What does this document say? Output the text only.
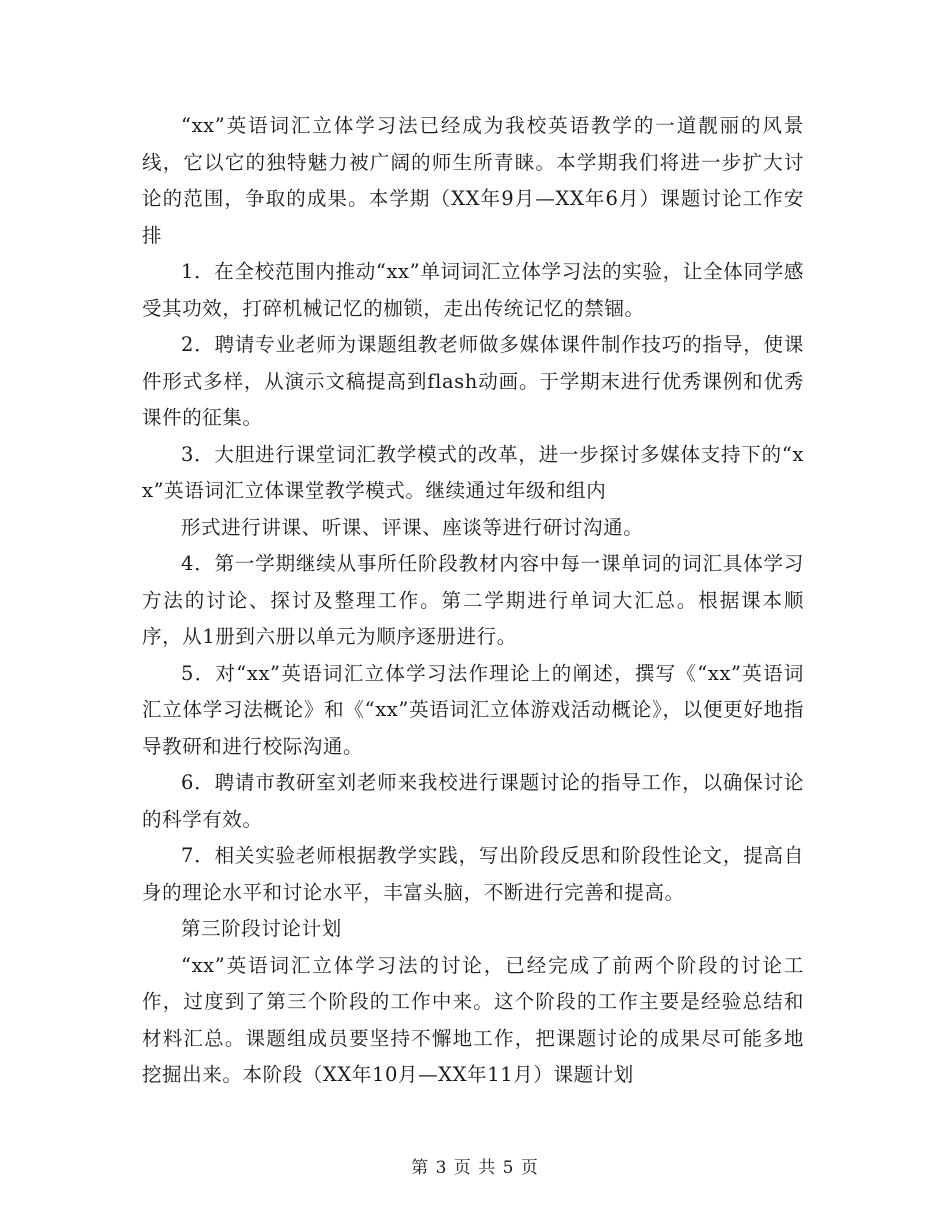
“xx”英语词汇立体学习法已经成为我校英语教学的一道靓丽的风景线，它以它的独特魅力被广阔的师生所青睐。本学期我们将进一步扩大讨论的范围，争取的成果。本学期（XX年9月—XX年6月）课题讨论工作安排

1．在全校范围内推动“xx”单词词汇立体学习法的实验，让全体同学感受其功效，打碎机械记忆的枷锁，走出传统记忆的禁锢。

2．聘请专业老师为课题组教老师做多媒体课件制作技巧的指导，使课件形式多样，从演示文稿提高到flash动画。于学期末进行优秀课例和优秀课件的征集。

3．大胆进行课堂词汇教学模式的改革，进一步探讨多媒体支持下的“xx”英语词汇立体课堂教学模式。继续通过年级和组内

形式进行讲课、听课、评课、座谈等进行研讨沟通。

4．第一学期继续从事所任阶段教材内容中每一课单词的词汇具体学习方法的讨论、探讨及整理工作。第二学期进行单词大汇总。根据课本顺序，从1册到六册以单元为顺序逐册进行。

5．对“xx”英语词汇立体学习法作理论上的阐述，撰写《“xx”英语词汇立体学习法概论》和《“xx”英语词汇立体游戏活动概论》，以便更好地指导教研和进行校际沟通。

6．聘请市教研室刘老师来我校进行课题讨论的指导工作，以确保讨论的科学有效。

7．相关实验老师根据教学实践，写出阶段反思和阶段性论文，提高自身的理论水平和讨论水平，丰富头脑，不断进行完善和提高。

第三阶段讨论计划

“xx”英语词汇立体学习法的讨论，已经完成了前两个阶段的讨论工作，过度到了第三个阶段的工作中来。这个阶段的工作主要是经验总结和材料汇总。课题组成员要坚持不懈地工作，把课题讨论的成果尽可能多地挖掘出来。本阶段（XX年10月—XX年11月）课题计划

第 3 页 共 5 页
